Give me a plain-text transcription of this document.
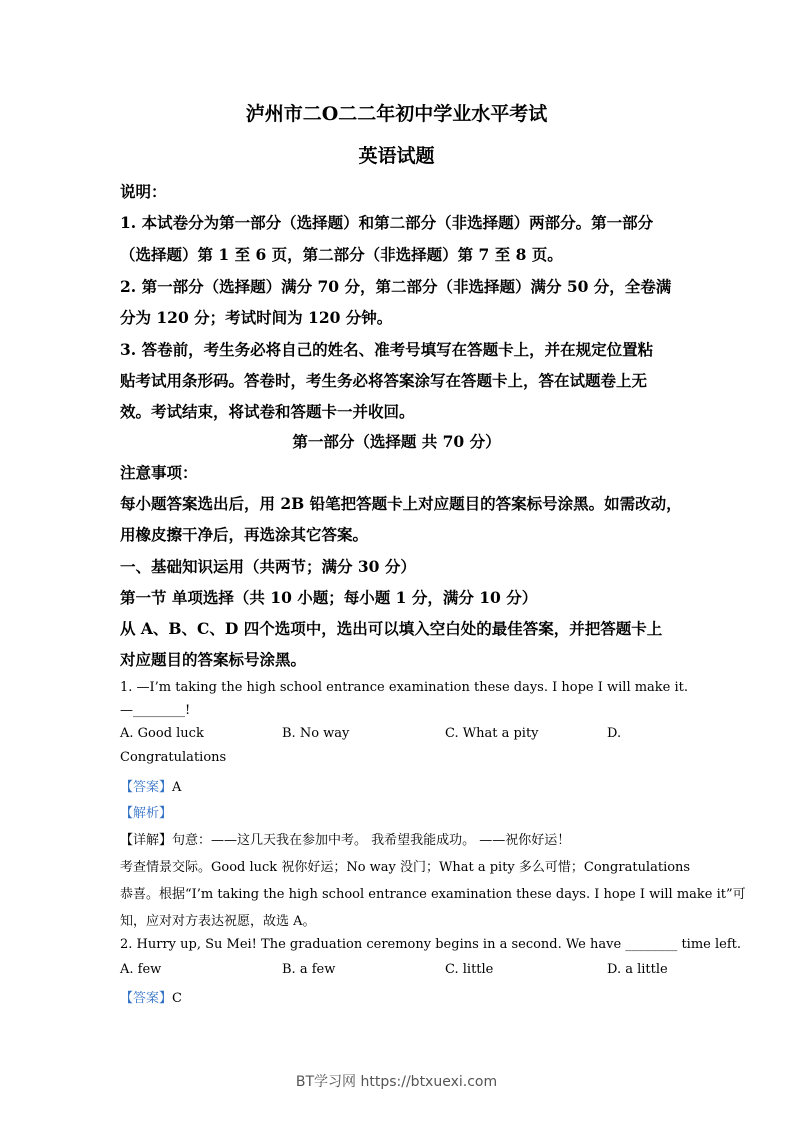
泸州市二O二二年初中学业水平考试
英语试题
说明：
1. 本试卷分为第一部分（选择题）和第二部分（非选择题）两部分。第一部分
（选择题）第 1 至 6 页，第二部分（非选择题）第 7 至 8 页。
2. 第一部分（选择题）满分 70 分，第二部分（非选择题）满分 50 分，全卷满
分为 120 分；考试时间为 120 分钟。
3. 答卷前，考生务必将自己的姓名、准考号填写在答题卡上，并在规定位置粘
贴考试用条形码。答卷时，考生务必将答案涂写在答题卡上，答在试题卷上无
效。考试结束，将试卷和答题卡一并收回。
第一部分（选择题 共 70 分）
注意事项：
每小题答案选出后，用 2B 铅笔把答题卡上对应题目的答案标号涂黑。如需改动，
用橡皮擦干净后，再选涂其它答案。
一、基础知识运用（共两节；满分 30 分）
第一节 单项选择（共 10 小题；每小题 1 分，满分 10 分）
从 A、B、C、D 四个选项中，选出可以填入空白处的最佳答案，并把答题卡上
对应题目的答案标号涂黑。
1. —I’m taking the high school entrance examination these days. I hope I will make it.
—________!
A. Good luck	B. No way	C. What a pity	D.
Congratulations
【答案】A
【解析】
【详解】句意：——这几天我在参加中考。 我希望我能成功。 ——祝你好运！
考查情景交际。Good luck 祝你好运；No way 没门；What a pity 多么可惜；Congratulations
恭喜。根据“I’m taking the high school entrance examination these days. I hope I will make it”可
知，应对对方表达祝愿，故选 A。
2. Hurry up, Su Mei! The graduation ceremony begins in a second. We have ________ time left.
A. few	B. a few	C. little	D. a little
【答案】C
BT学习网 https://btxuexi.com
